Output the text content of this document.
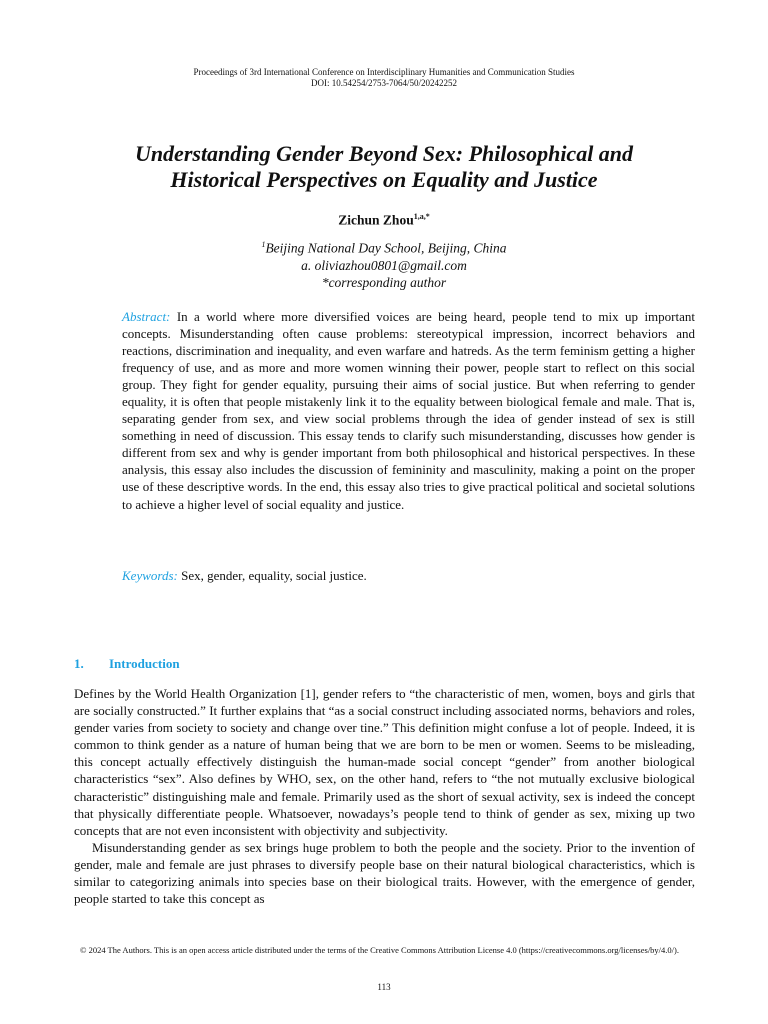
Proceedings of 3rd International Conference on Interdisciplinary Humanities and Communication Studies
DOI: 10.54254/2753-7064/50/20242252
Understanding Gender Beyond Sex: Philosophical and
Historical Perspectives on Equality and Justice
Zichun Zhou$^{1,a,*}$
$^1$Beijing National Day School, Beijing, China
a. oliviazhou0801@gmail.com
*corresponding author
Abstract: In a world where more diversified voices are being heard, people tend to mix up important concepts. Misunderstanding often cause problems: stereotypical impression, incorrect behaviors and reactions, discrimination and inequality, and even warfare and hatreds. As the term feminism getting a higher frequency of use, and as more and more women winning their power, people start to reflect on this social group. They fight for gender equality, pursuing their aims of social justice. But when referring to gender equality, it is often that people mistakenly link it to the equality between biological female and male. That is, separating gender from sex, and view social problems through the idea of gender instead of sex is still something in need of discussion. This essay tends to clarify such misunderstanding, discusses how gender is different from sex and why is gender important from both philosophical and historical perspectives. In these analysis, this essay also includes the discussion of femininity and masculinity, making a point on the proper use of these descriptive words. In the end, this essay also tries to give practical political and societal solutions to achieve a higher level of social equality and justice.
Keywords: Sex, gender, equality, social justice.
1. Introduction

Defines by the World Health Organization [1], gender refers to “the characteristic of men, women, boys and girls that are socially constructed.” It further explains that “as a social construct including associated norms, behaviors and roles, gender varies from society to society and change over tine.” This definition might confuse a lot of people. Indeed, it is common to think gender as a nature of human being that we are born to be men or women. Seems to be misleading, this concept actually effectively distinguish the human-made social concept “gender” from another biological characteristics “sex”. Also defines by WHO, sex, on the other hand, refers to “the not mutually exclusive biological characteristic” distinguishing male and female. Primarily used as the short of sexual activity, sex is indeed the concept that physically differentiate people. Whatsoever, nowadays’s people tend to think of gender as sex, mixing up two concepts that are not even inconsistent with objectivity and subjectivity.

Misunderstanding gender as sex brings huge problem to both the people and the society. Prior to the invention of gender, male and female are just phrases to diversify people base on their natural biological characteristics, which is similar to categorizing animals into species base on their biological traits. However, with the emergence of gender, people started to take this concept as

© 2024 The Authors. This is an open access article distributed under the terms of the Creative Commons Attribution License 4.0 (https://creativecommons.org/licenses/by/4.0/).
113
